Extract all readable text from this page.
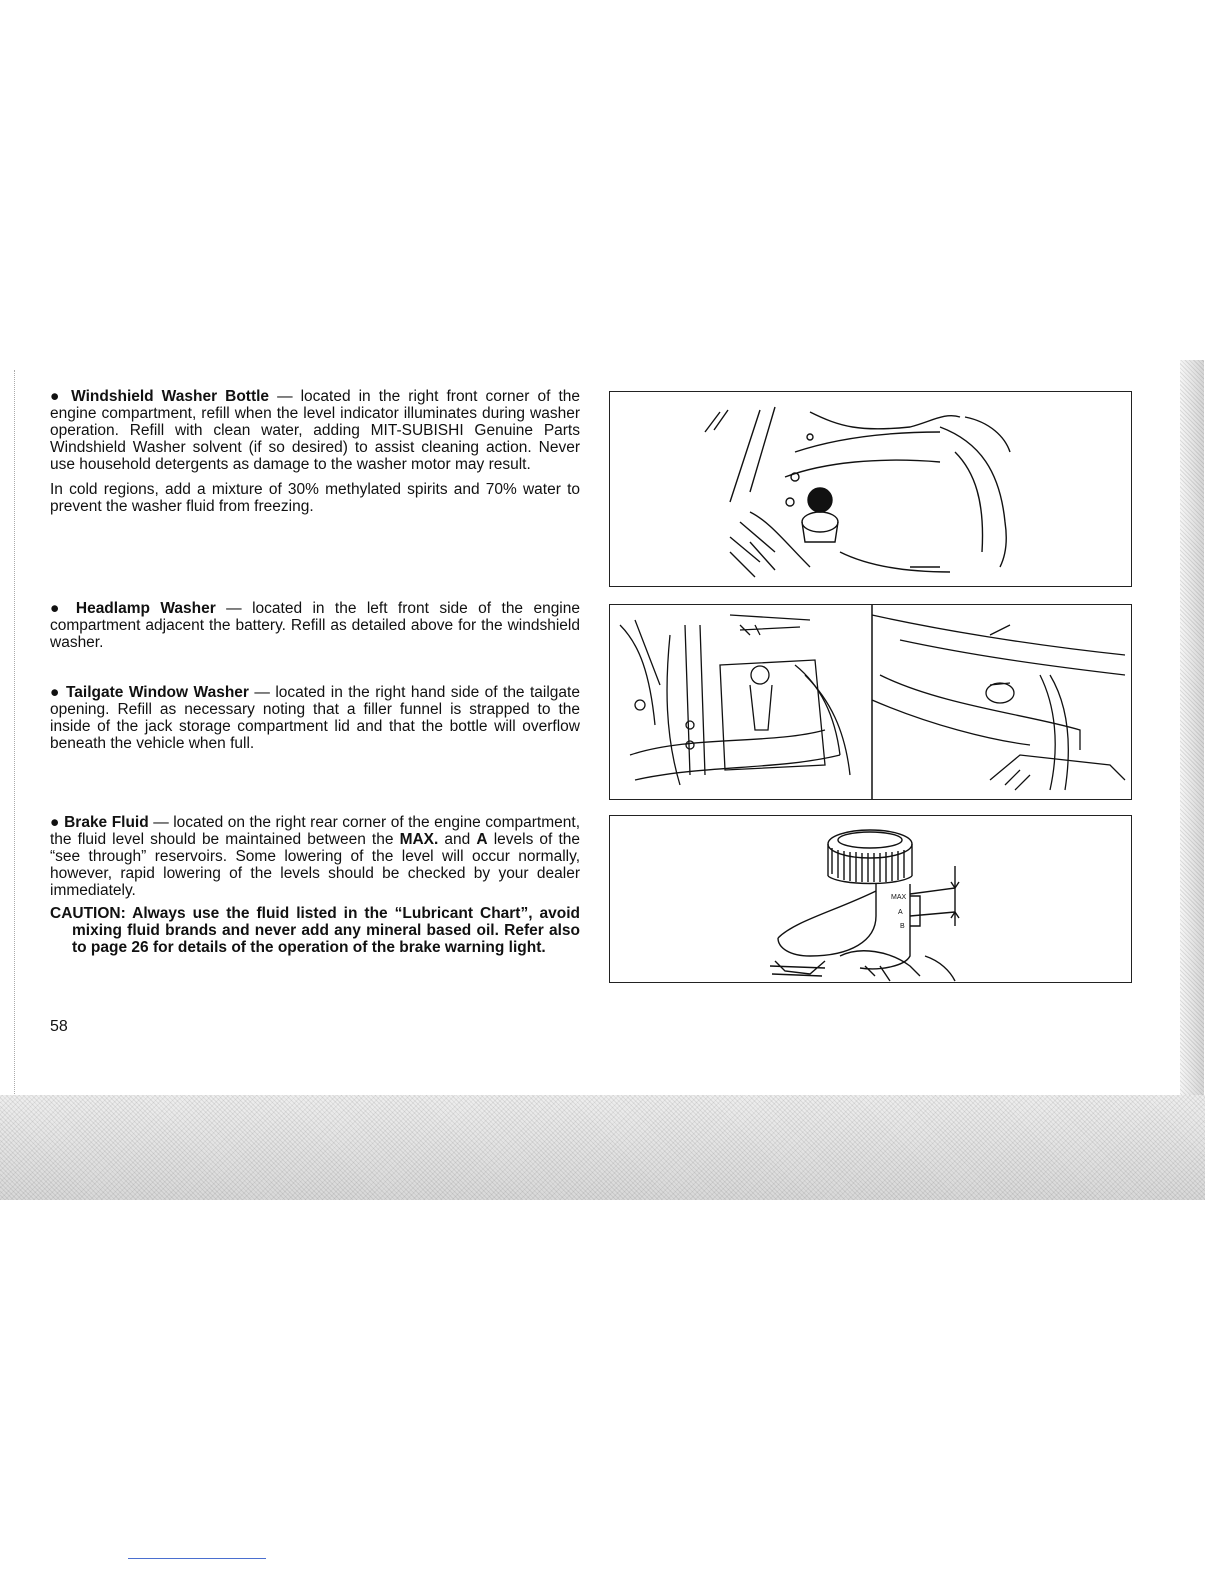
● Windshield Washer Bottle — located in the right front corner of the engine compartment, refill when the level indicator illuminates during washer operation. Refill with clean water, adding MIT-SUBISHI Genuine Parts Windshield Washer solvent (if so desired) to assist cleaning action. Never use household detergents as damage to the washer motor may result.

In cold regions, add a mixture of 30% methylated spirits and 70% water to prevent the washer fluid from freezing.

● Headlamp Washer — located in the left front side of the engine compartment adjacent the battery. Refill as detailed above for the windshield washer.

● Tailgate Window Washer — located in the right hand side of the tailgate opening. Refill as necessary noting that a filler funnel is strapped to the inside of the jack storage compartment lid and that the bottle will overflow beneath the vehicle when full.

● Brake Fluid — located on the right rear corner of the engine compartment, the fluid level should be maintained between the MAX. and A levels of the “see through” reservoirs. Some lowering of the level will occur normally, however, rapid lowering of the levels should be checked by your dealer immediately.

CAUTION: Always use the fluid listed in the “Lubricant Chart”, avoid mixing fluid brands and never add any mineral based oil. Refer also to page 26 for details of the operation of the brake warning light.

58
MAX
A
B
